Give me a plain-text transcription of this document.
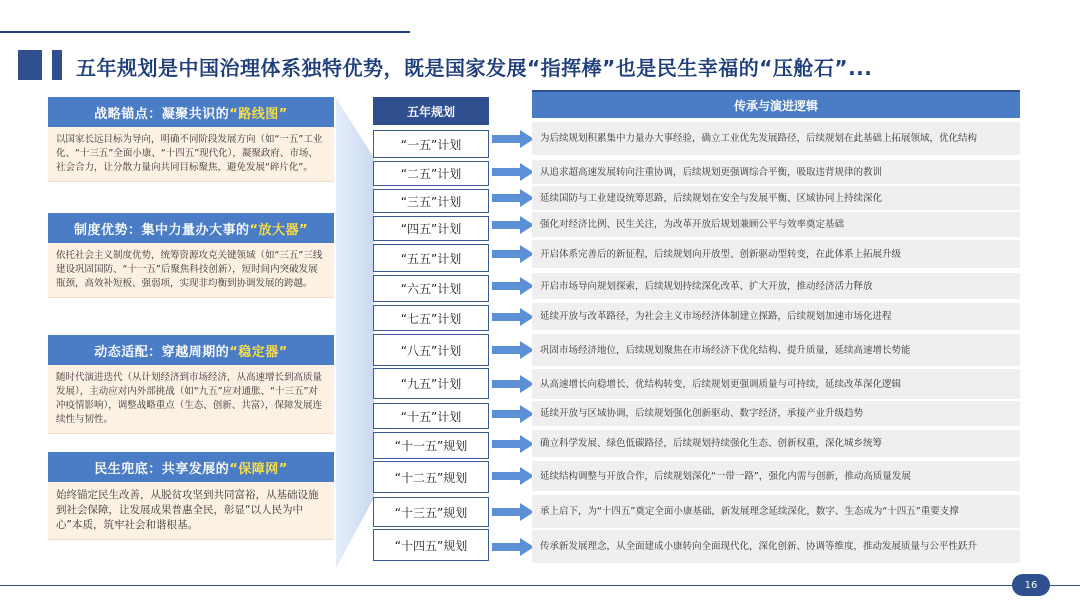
五年规划是中国治理体系独特优势，既是国家发展“指挥棒”也是民生幸福的“压舱石”...
战略锚点：凝聚共识的 “路线图”
以国家长远目标为导向，明确不同阶段发展方向（如“一五”工业化、“十三五”全面小康、“十四五”现代化），凝聚政府、市场、社会合力，让分散力量向共同目标聚焦，避免发展“碎片化”。
制度优势：集中力量办大事的 “放大器”
依托社会主义制度优势，统筹资源攻克关键领域（如“三五”三线建设巩固国防、“十一五”后聚焦科技创新），短时间内突破发展瓶颈，高效补短板、强弱项，实现非均衡到协调发展的跨越。
动态适配：穿越周期的 “稳定器”
随时代演进迭代（从计划经济到市场经济，从高速增长到高质量发展），主动应对内外部挑战（如“九五”应对通胀、“十三五”对冲疫情影响），调整战略重点（生态、创新、共富），保障发展连续性与韧性。
民生兜底：共享发展的 “保障网”
始终锚定民生改善，从脱贫攻坚到共同富裕，从基础设施到社会保障，让发展成果普惠全民，彰显“以人民为中心”本质，筑牢社会和谐根基。
五年规划	传承与演进逻辑
16
“一五”计划	为后续规划积累集中力量办大事经验，确立工业优先发展路径，后续规划在此基础上拓展领域，优化结构
“二五”计划	从追求超高速发展转向注重协调，后续规划更强调综合平衡，吸取违背规律的教训
“三五”计划	延续国防与工业建设统筹思路，后续规划在安全与发展平衡、区域协同上持续深化
“四五”计划	强化对经济比例、民生关注，为改革开放后规划兼顾公平与效率奠定基础
“五五”计划	开启体系完善后的新征程，后续规划向开放型、创新驱动型转变，在此体系上拓展升级
“六五”计划	开启市场导向规划探索，后续规划持续深化改革、扩大开放，推动经济活力释放
“七五”计划	延续开放与改革路径，为社会主义市场经济体制建立探路，后续规划加速市场化进程
“八五”计划	巩固市场经济地位，后续规划聚焦在市场经济下优化结构、提升质量，延续高速增长势能
“九五”计划	从高速增长向稳增长、优结构转变，后续规划更强调质量与可持续，延续改革深化逻辑
“十五”计划	延续开放与区域协调，后续规划强化创新驱动、数字经济，承接产业升级趋势
“十一五”规划	确立科学发展、绿色低碳路径，后续规划持续强化生态、创新权重，深化城乡统筹
“十二五”规划	延续结构调整与开放合作，后续规划深化“一带一路”，强化内需与创新，推动高质量发展
“十三五”规划	承上启下，为“十四五”奠定全面小康基础，新发展理念延续深化，数字、生态成为“十四五”重要支撑
“十四五”规划	传承新发展理念，从全面建成小康转向全面现代化，深化创新、协调等维度，推动发展质量与公平性跃升
